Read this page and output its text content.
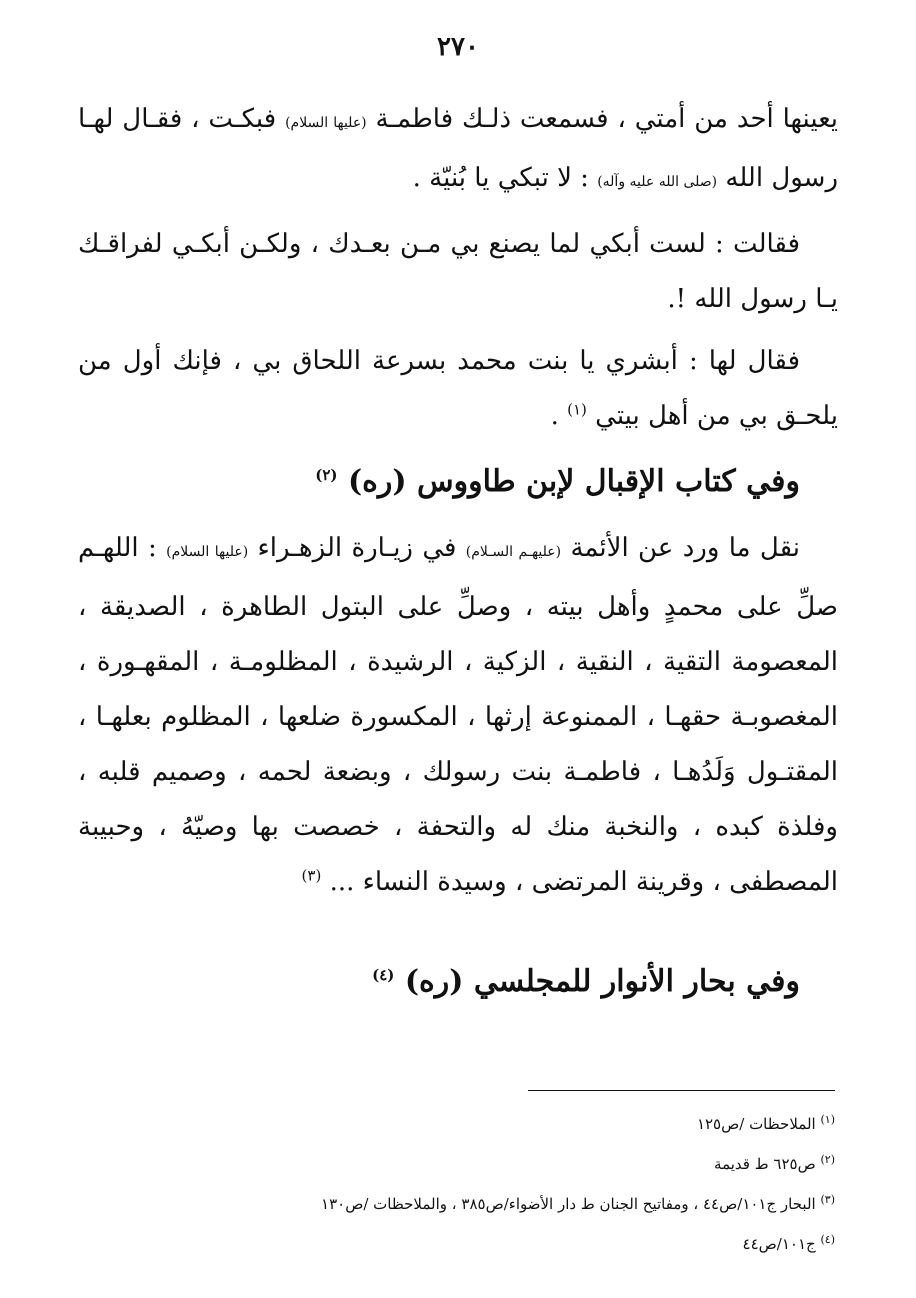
٢٧٠

يعينها أحد من أمتي ، فسمعت ذلـك فاطمـة (عليها السلام) فبكـت ، فقـال لهـا رسول الله (صلى الله عليه وآله) : لا تبكي يا بُنيّة .

فقالت : لست أبكي لما يصنع بي مـن بعـدك ، ولكـن أبكـي لفراقـك يـا رسول الله !.

فقال لها : أبشري يا بنت محمد بسرعة اللحاق بي ، فإنك أول من يلحـق بي من أهل بيتي $^{(١)}$ .

وفي كتاب الإقبال لإبن طاووس (ره) $^{(٢)}$

نقل ما ورد عن الأئمة (عليهـم السـلام) في زيـارة الزهـراء (عليها السلام) : اللهـم صلِّ على محمدٍ وأهل بيته ، وصلِّ على البتول الطاهرة ، الصديقة ، المعصومة التقية ، النقية ، الزكية ، الرشيدة ، المظلومـة ، المقهـورة ، المغصوبـة حقهـا ، الممنوعة إرثها ، المكسورة ضلعها ، المظلوم بعلهـا ، المقتـول وَلَدُهـا ، فاطمـة بنت رسولك ، وبضعة لحمه ، وصميم قلبه ، وفلذة كبده ، والنخبة منك له والتحفة ، خصصت بها وصيّهُ ، وحبيبة المصطفى ، وقرينة المرتضى ، وسيدة النساء ... $^{(٣)}$

وفي بحار الأنوار للمجلسي (ره) $^{(٤)}$

$^{(١)}$ الملاحظات /ص١٢٥

$^{(٢)}$ ص٦٢٥ ط قديمة

$^{(٣)}$ البحار ج١٠١/ص٤٤ ، ومفاتيح الجنان ط دار الأضواء/ص٣٨٥ ، والملاحظات /ص١٣٠

$^{(٤)}$ ج١٠١/ص٤٤
